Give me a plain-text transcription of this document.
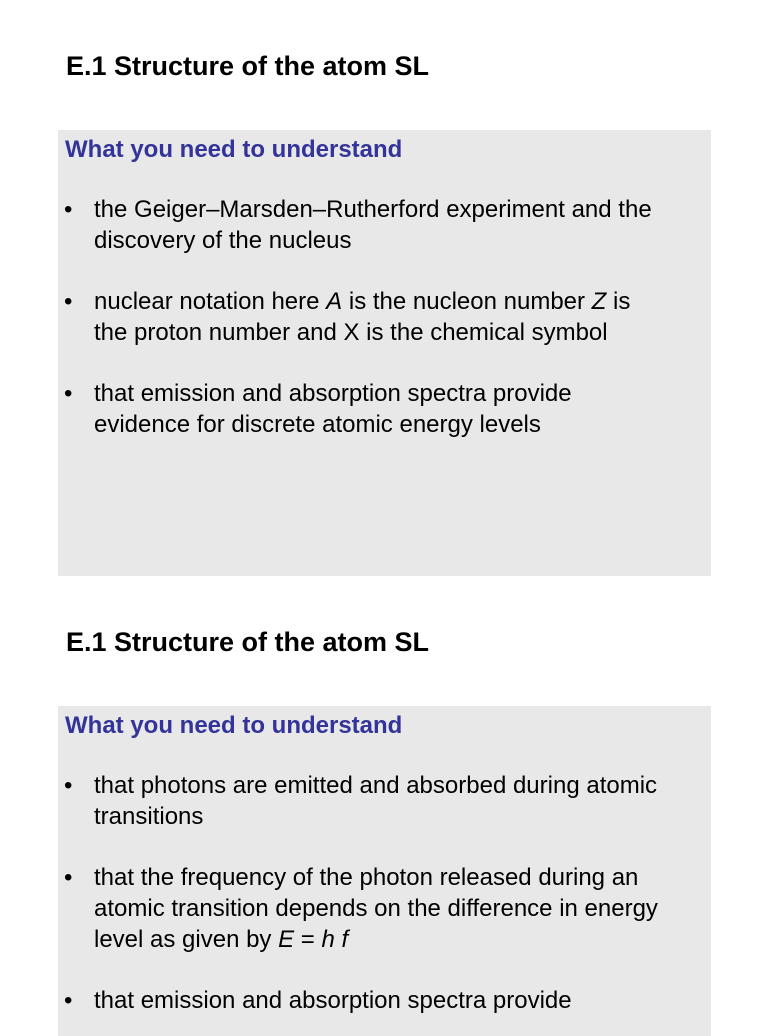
E.1 Structure of the atom SL
What you need to understand
• the Geiger–Marsden–Rutherford experiment and the
discovery of the nucleus
• nuclear notation here A is the nucleon number Z is
the proton number and X is the chemical symbol
• that emission and absorption spectra provide
evidence for discrete atomic energy levels
E.1 Structure of the atom SL
What you need to understand
• that photons are emitted and absorbed during atomic
transitions
• that the frequency of the photon released during an
atomic transition depends on the difference in energy
level as given by E = h f
• that emission and absorption spectra provide
